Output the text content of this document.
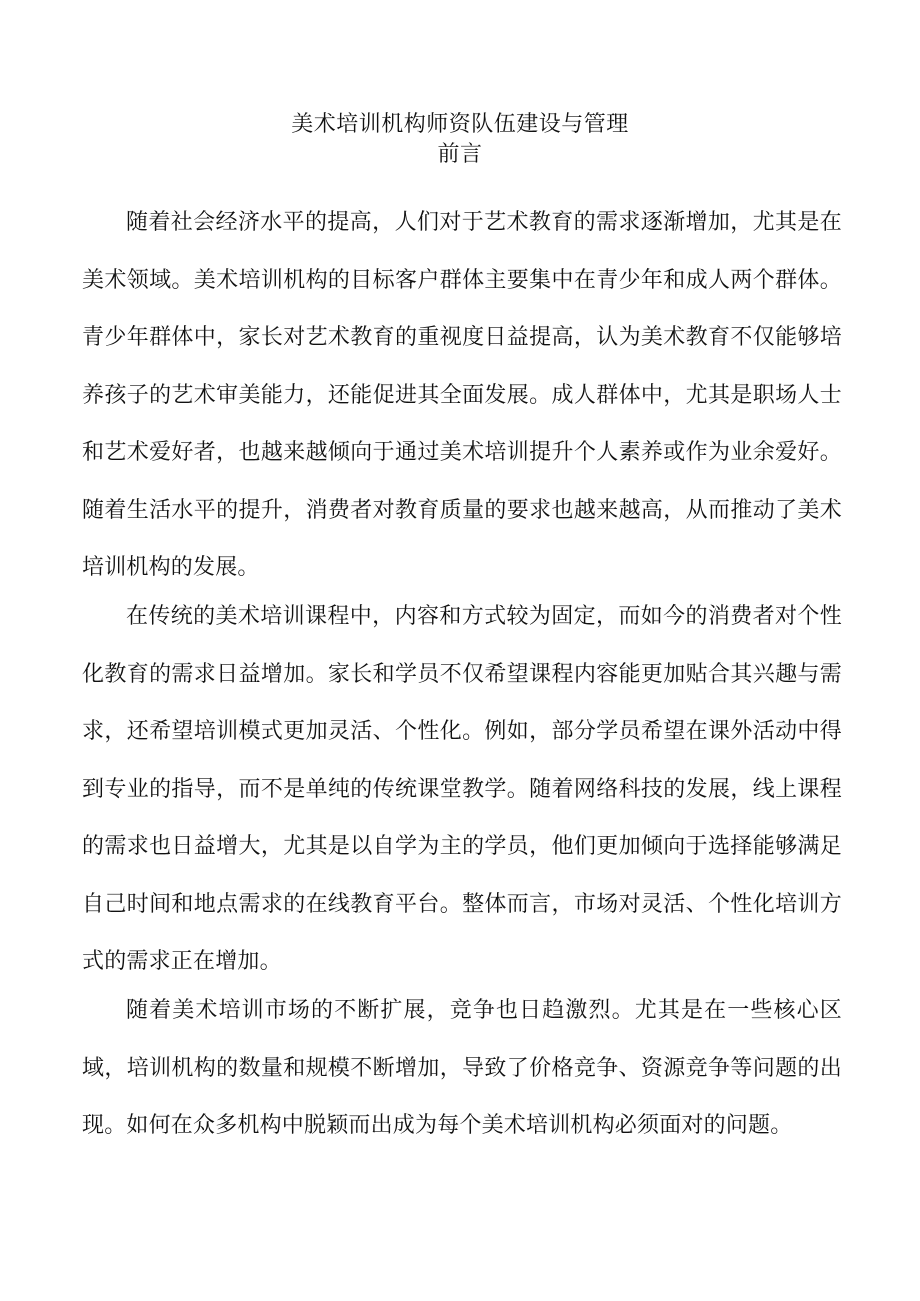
美术培训机构师资队伍建设与管理
前言

随着社会经济水平的提高，人们对于艺术教育的需求逐渐增加，尤其是在美术领域。美术培训机构的目标客户群体主要集中在青少年和成人两个群体。青少年群体中，家长对艺术教育的重视度日益提高，认为美术教育不仅能够培养孩子的艺术审美能力，还能促进其全面发展。成人群体中，尤其是职场人士和艺术爱好者，也越来越倾向于通过美术培训提升个人素养或作为业余爱好。随着生活水平的提升，消费者对教育质量的要求也越来越高，从而推动了美术培训机构的发展。

在传统的美术培训课程中，内容和方式较为固定，而如今的消费者对个性化教育的需求日益增加。家长和学员不仅希望课程内容能更加贴合其兴趣与需求，还希望培训模式更加灵活、个性化。例如，部分学员希望在课外活动中得到专业的指导，而不是单纯的传统课堂教学。随着网络科技的发展，线上课程的需求也日益增大，尤其是以自学为主的学员，他们更加倾向于选择能够满足自己时间和地点需求的在线教育平台。整体而言，市场对灵活、个性化培训方式的需求正在增加。

随着美术培训市场的不断扩展，竞争也日趋激烈。尤其是在一些核心区域，培训机构的数量和规模不断增加，导致了价格竞争、资源竞争等问题的出现。如何在众多机构中脱颖而出成为每个美术培训机构必须面对的问题。
